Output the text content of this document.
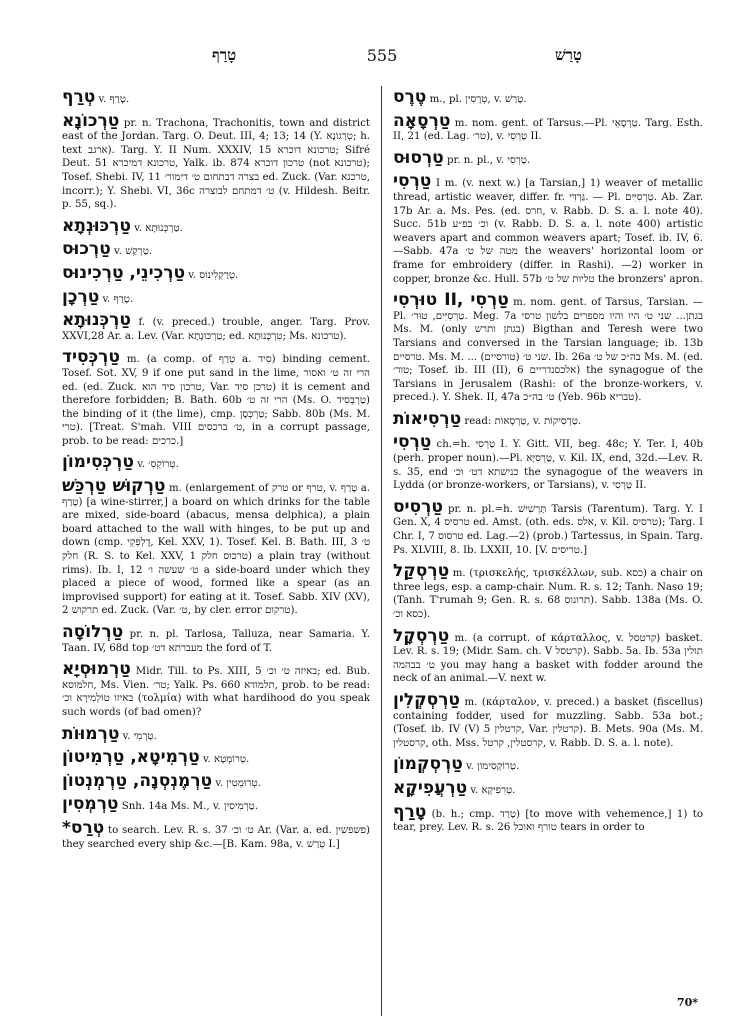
טָרַף	555	טָרַשׁ

טְרַף v. טָרַף.

טַרְכוֹנָא pr. n. Trachona, Trachonitis, town and district east of the Jordan. Targ. O. Deut. III, 4; 13; 14 (Y. טְרַגוֹנָא; h. text ארגב). Targ. Y. II Num. XXXIV, 15 טרכונא דוכרא; Sifré Deut. 51 טרכונא דמיכרא, Yalk. ib. 874 טרכון דוכרא (not טרכונא); Tosef. Shebi. IV, 11 בצרה דבתחום ט׳ דימור׳ ed. Zuck. (Var. טרכנא, incorr.); Y. Shebi. VI, 36c ט׳ דמתחם לבוצרה (v. Hildesh. Beitr. p. 55, sq.).

טַרְכּוּנְתָא v. טַרְכְּנוּתָא.

טַרְכוּס v. טַרְקַשׁ.

טַרְכִינֵי, טַרְכִינוּס v. טְרַקְלִינוֹס.

טַרְכָן v. טָרַף.

טַרְכְּנוּתָא f. (v. preced.) trouble, anger. Targ. Prov. XXVI,28 Ar. a. Lev. (Var. טַרְכּוּנְתָא; ed. טִרְכָּנוּתָא; Ms. טרכונא).

טַרְכְּסִיד m. (a comp. of טְרַף a. סִיד) binding cement. Tosef. Sot. XV, 9 if one put sand in the lime, הרי זה ט׳ ואסור ed. (ed. Zuck. טרכון סיד הוא, Var. טרכן סיד) it is cement and therefore forbidden; B. Bath. 60b הרי זה ט׳ (Ms. O. טַרְבְּסִיד) the binding of it (the lime), cmp. טַרְכְּסָן; Sabb. 80b (Ms. M. טרי). [Treat. S'mah. VIII ט׳ ברכסים, in a corrupt passage, prob. to be read: כרכים.]

טַרְכְּסִימוֹן v. טְרוֹקְסִ׳.

טַרְקוּשׁ טַרְכַּשׁ m. (enlargement of טרק or טרף, v. טָרַף a. טָרַף) [a wine-stirrer,] a board on which drinks for the table are mixed, side-board (abacus, mensa delphica), a plain board attached to the wall with hinges, to be put up and down (cmp. דֶלְפְקֵי, Kel. XXV, 1). Tosef. Kel. B. Bath. III, 3 ט׳ חלק (R. S. to Kel. XXV, 1 טרכוס חלק) a plain tray (without rims). Ib. I, 12 ט׳ שעשה ו׳ a side-board under which they placed a piece of wood, formed like a spear (as an improvised support) for eating at it. Tosef. Sabb. XIV (XV), 2 תרקוש ed. Zuck. (Var. ט׳, by cler. error טרקום).

טַרְלוֹסָה pr. n. pl. Tarlosa, Talluza, near Samaria. Y. Taan. IV, 68d top מעברתא דט׳ the ford of T.

טַרְמוּסְיָא Midr. Till. to Ps. XIII, 5 באיזה ט׳ וכ׳; ed. Bub. חלמוסא, Ms. Vien. טר׳; Yalk. Ps. 660 תלמודא, prob. to be read: באיזו טוֹלְמִירָא וכ׳ (τολμία) with what hardihood do you speak such words (of bad omen)?

טַרְמוּוֹת v. טַרְמִי.

טַרְמִיטָא, טַרְמִיטוֹן v. טְרוֹמְטָא.

טַרְמֶנְסְנָה, טַרְמְנְטוֹן v. טְרוּמְטִין.

טַרְמְסִין Snh. 14a Ms. M., v. טַרְמִיסִין.

*טְרַס to search. Lev. R. s. 37 ט׳ וכ׳ Ar. (Var. a. ed. פשפשין) they searched every ship &c.—[B. Kam. 98a, v. טְרַשׁ I.]

טֶרֶס m., pl. טְרָסִין, v. טָרַשׁ.

טַרְסָאָה m. nom. gent. of Tarsus.—Pl. טַרְסָאֵי. Targ. Esth. II, 21 (ed. Lag. טר׳), v. טַרְסִי II.

טַרְסוּס pr. n. pl., v. טַרְסִי.

טַרְסִי I m. (v. next w.) [a Tarsian,] 1) weaver of metallic thread, artistic weaver, differ. fr. גַּרְדִּי. — Pl. טַרְסִיִּים. Ab. Zar. 17b Ar. a. Ms. Pes. (ed. חרס, v. Rabb. D. S. a. l. note 40). Succ. 51b וכ׳ בפ״ע (v. Rabb. D. S. a. l. note 400) artistic weavers apart and common weavers apart; Tosef. ib. IV, 6.—Sabb. 47a מטה של ט׳ the weavers' horizontal loom or frame for embroidery (differ. in Rashi). —2) worker in copper, bronze &c. Hull. 57b טליות של ט׳ the bronzers' apron.

טוּרְסִי II, טַרְסִי m. nom. gent. of Tarsus, Tarsian. —Pl. טַרְסִיִּים, טוּר׳. Meg. 7a בגתן... שני ט׳ היו והיו מספרים בלשון טרסי Ms. M. (only בגתן ותרש) Bigthan and Teresh were two Tarsians and conversed in the Tarsian language; ib. 13b טרסיים. Ms. M. ... שני ט׳ (טורסיים). Ib. 26a בה״כ של ט׳ Ms. M. (ed. טור׳; Tosef. ib. III (II), 6 אלכסנדריים) the synagogue of the Tarsians in Jerusalem (Rashi: of the bronze-workers, v. preced.). Y. Shek. II, 47a ט׳ בה״כ (Yeb. 96b טבריא).

טַרְסִיאוֹת read: טַרְסָאוֹת, v. טַרְסִיקוֹת.

טַרְסִי ch.=h. טַרְסִי I. Y. Gitt. VII, beg. 48c; Y. Ter. I, 40b (perh. proper noun).—Pl. טַרְסִיָּא, v. Kil. IX, end, 32d.—Lev. R. s. 35, end כנישתא דט׳ וכ׳ the synagogue of the weavers in Lydda (or bronze-workers, or Tarsians), v. טַרְסִי II.

טַרְסִיס pr. n. pl.=h. תַּרְשִׁישׁ Tarsis (Tarentum). Targ. Y. I Gen. X, 4 טרסיס ed. Amst. (oth. eds. אלס, v. Kil. טרסיס); Targ. I Chr. I, 7 טרסוס ed. Lag.—2) (prob.) Tartessus, in Spain. Targ. Ps. XLVIII, 8. Ib. LXXII, 10. [V. טריסים.]

טַרְסְקַל m. (τρισκελής, τρισκέλλων, sub. כסא) a chair on three legs, esp. a camp-chair. Num. R. s. 12; Tanh. Naso 19; (Tanh. T'rumah 9; Gen. R. s. 68 תרונוס). Sabb. 138a (Ms. O. כסא וכ׳).

טַרְסְקָל m. (a corrupt. of κάρταλλος, v. קרטסל) basket. Lev. R. s. 19; (Midr. Sam. ch. V קרטסל). Sabb. 5a. Ib. 53a תולין ט׳ בבהמה you may hang a basket with fodder around the neck of an animal.—V. next w.

טַרְסְקְלִין m. (κάρταλον, v. preced.) a basket (fiscellus) containing fodder, used for muzzling. Sabb. 53a bot.; (Tosef. ib. IV (V) 5 קרטלין, Var. קרטלין). B. Mets. 90a (Ms. M. קרסטלין, oth. Mss. קרסטלין, קרטל, v. Rabb. D. S. a. l. note).

טַרְסְקְמוֹן v. טְרוֹקְסִימוֹן.

טַרְעֲפִיקָא v. טְרִפִיקָא.

טָרַף (b. h.; cmp. טָרַד) [to move with vehemence,] 1) to tear, prey. Lev. R. s. 26 טורף ואוכל tears in order to

70*
